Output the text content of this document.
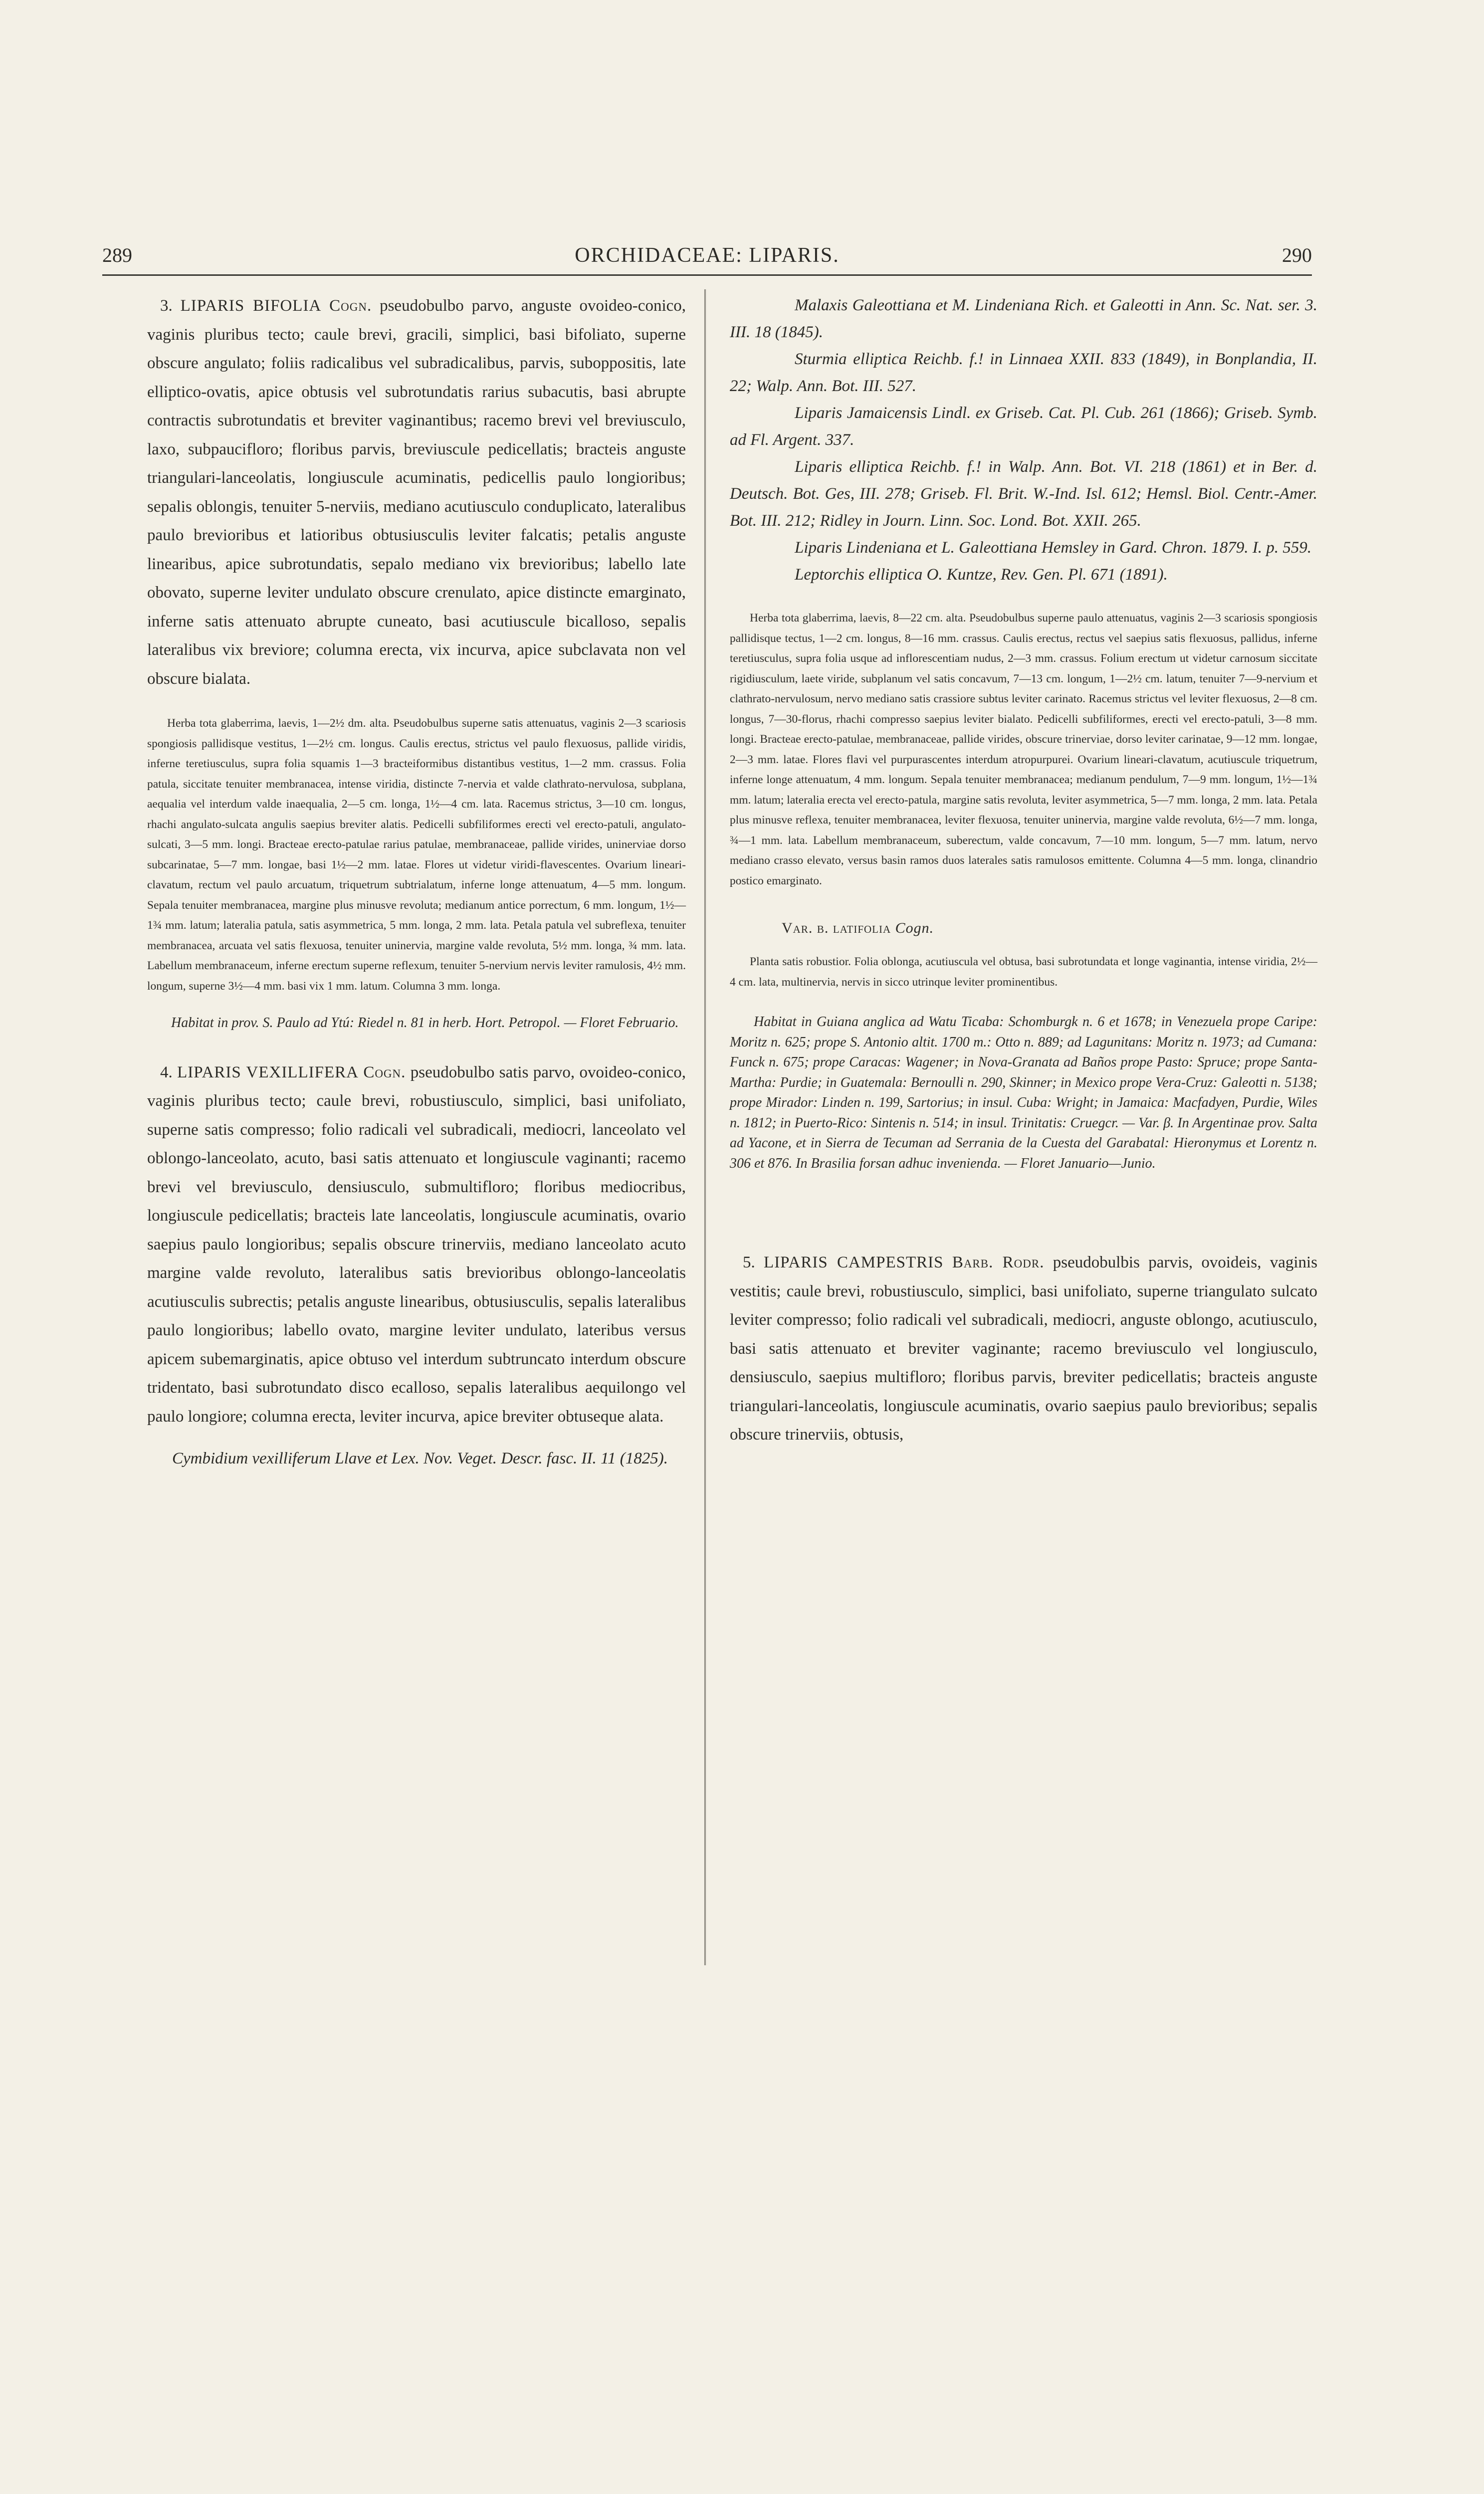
289	ORCHIDACEAE: LIPARIS.	290

3. LIPARIS BIFOLIA Cogn. pseudobulbo parvo, anguste ovoideo-conico, vaginis pluribus tecto; caule brevi, gracili, simplici, basi bifoliato, superne obscure angulato; foliis radicalibus vel subradicalibus, parvis, suboppositis, late elliptico-ovatis, apice obtusis vel subrotundatis rarius subacutis, basi abrupte contractis subrotundatis et breviter vaginantibus; racemo brevi vel breviusculo, laxo, subpaucifloro; floribus parvis, breviuscule pedicellatis; bracteis anguste triangulari-lanceolatis, longiuscule acuminatis, pedicellis paulo longioribus; sepalis oblongis, tenuiter 5-nerviis, mediano acutiusculo conduplicato, lateralibus paulo brevioribus et latioribus obtusiusculis leviter falcatis; petalis anguste linearibus, apice subrotundatis, sepalo mediano vix brevioribus; labello late obovato, superne leviter undulato obscure crenulato, apice distincte emarginato, inferne satis attenuato abrupte cuneato, basi acutiuscule bicalloso, sepalis lateralibus vix breviore; columna erecta, vix incurva, apice subclavata non vel obscure bialata.

Herba tota glaberrima, laevis, 1—2½ dm. alta. Pseudobulbus superne satis attenuatus, vaginis 2—3 scariosis spongiosis pallidisque vestitus, 1—2½ cm. longus. Caulis erectus, strictus vel paulo flexuosus, pallide viridis, inferne teretiusculus, supra folia squamis 1—3 bracteiformibus distantibus vestitus, 1—2 mm. crassus. Folia patula, siccitate tenuiter membranacea, intense viridia, distincte 7-nervia et valde clathrato-nervulosa, subplana, aequalia vel interdum valde inaequalia, 2—5 cm. longa, 1½—4 cm. lata. Racemus strictus, 3—10 cm. longus, rhachi angulato-sulcata angulis saepius breviter alatis. Pedicelli subfiliformes erecti vel erecto-patuli, angulato-sulcati, 3—5 mm. longi. Bracteae erecto-patulae rarius patulae, membranaceae, pallide virides, uninerviae dorso subcarinatae, 5—7 mm. longae, basi 1½—2 mm. latae. Flores ut videtur viridi-flavescentes. Ovarium lineari-clavatum, rectum vel paulo arcuatum, triquetrum subtrialatum, inferne longe attenuatum, 4—5 mm. longum. Sepala tenuiter membranacea, margine plus minusve revoluta; medianum antice porrectum, 6 mm. longum, 1½—1¾ mm. latum; lateralia patula, satis asymmetrica, 5 mm. longa, 2 mm. lata. Petala patula vel subreflexa, tenuiter membranacea, arcuata vel satis flexuosa, tenuiter uninervia, margine valde revoluta, 5½ mm. longa, ¾ mm. lata. Labellum membranaceum, inferne erectum superne reflexum, tenuiter 5-nervium nervis leviter ramulosis, 4½ mm. longum, superne 3½—4 mm. basi vix 1 mm. latum. Columna 3 mm. longa.

Habitat in prov. S. Paulo ad Ytú: Riedel n. 81 in herb. Hort. Petropol. — Floret Februario.

4. LIPARIS VEXILLIFERA Cogn. pseudobulbo satis parvo, ovoideo-conico, vaginis pluribus tecto; caule brevi, robustiusculo, simplici, basi unifoliato, superne satis compresso; folio radicali vel subradicali, mediocri, lanceolato vel oblongo-lanceolato, acuto, basi satis attenuato et longiuscule vaginanti; racemo brevi vel breviusculo, densiusculo, submultifloro; floribus mediocribus, longiuscule pedicellatis; bracteis late lanceolatis, longiuscule acuminatis, ovario saepius paulo longioribus; sepalis obscure trinerviis, mediano lanceolato acuto margine valde revoluto, lateralibus satis brevioribus oblongo-lanceolatis acutiusculis subrectis; petalis anguste linearibus, obtusiusculis, sepalis lateralibus paulo longioribus; labello ovato, margine leviter undulato, lateribus versus apicem subemarginatis, apice obtuso vel interdum subtruncato interdum obscure tridentato, basi subrotundato disco ecalloso, sepalis lateralibus aequilongo vel paulo longiore; columna erecta, leviter incurva, apice breviter obtuseque alata.

Cymbidium vexilliferum Llave et Lex. Nov. Veget. Descr. fasc. II. 11 (1825).

Malaxis Galeottiana et M. Lindeniana Rich. et Galeotti in Ann. Sc. Nat. ser. 3. III. 18 (1845).

Sturmia elliptica Reichb. f.! in Linnaea XXII. 833 (1849), in Bonplandia, II. 22; Walp. Ann. Bot. III. 527.

Liparis Jamaicensis Lindl. ex Griseb. Cat. Pl. Cub. 261 (1866); Griseb. Symb. ad Fl. Argent. 337.

Liparis elliptica Reichb. f.! in Walp. Ann. Bot. VI. 218 (1861) et in Ber. d. Deutsch. Bot. Ges, III. 278; Griseb. Fl. Brit. W.-Ind. Isl. 612; Hemsl. Biol. Centr.-Amer. Bot. III. 212; Ridley in Journ. Linn. Soc. Lond. Bot. XXII. 265.

Liparis Lindeniana et L. Galeottiana Hemsley in Gard. Chron. 1879. I. p. 559.

Leptorchis elliptica O. Kuntze, Rev. Gen. Pl. 671 (1891).

Herba tota glaberrima, laevis, 8—22 cm. alta. Pseudobulbus superne paulo attenuatus, vaginis 2—3 scariosis spongiosis pallidisque tectus, 1—2 cm. longus, 8—16 mm. crassus. Caulis erectus, rectus vel saepius satis flexuosus, pallidus, inferne teretiusculus, supra folia usque ad inflorescentiam nudus, 2—3 mm. crassus. Folium erectum ut videtur carnosum siccitate rigidiusculum, laete viride, subplanum vel satis concavum, 7—13 cm. longum, 1—2½ cm. latum, tenuiter 7—9-nervium et clathrato-nervulosum, nervo mediano satis crassiore subtus leviter carinato. Racemus strictus vel leviter flexuosus, 2—8 cm. longus, 7—30-florus, rhachi compresso saepius leviter bialato. Pedicelli subfiliformes, erecti vel erecto-patuli, 3—8 mm. longi. Bracteae erecto-patulae, membranaceae, pallide virides, obscure trinerviae, dorso leviter carinatae, 9—12 mm. longae, 2—3 mm. latae. Flores flavi vel purpurascentes interdum atropurpurei. Ovarium lineari-clavatum, acutiuscule triquetrum, inferne longe attenuatum, 4 mm. longum. Sepala tenuiter membranacea; medianum pendulum, 7—9 mm. longum, 1½—1¾ mm. latum; lateralia erecta vel erecto-patula, margine satis revoluta, leviter asymmetrica, 5—7 mm. longa, 2 mm. lata. Petala plus minusve reflexa, tenuiter membranacea, leviter flexuosa, tenuiter uninervia, margine valde revoluta, 6½—7 mm. longa, ¾—1 mm. lata. Labellum membranaceum, suberectum, valde concavum, 7—10 mm. longum, 5—7 mm. latum, nervo mediano crasso elevato, versus basin ramos duos laterales satis ramulosos emittente. Columna 4—5 mm. longa, clinandrio postico emarginato.

Var. β. latifolia Cogn.

Planta satis robustior. Folia oblonga, acutiuscula vel obtusa, basi subrotundata et longe vaginantia, intense viridia, 2½—4 cm. lata, multinervia, nervis in sicco utrinque leviter prominentibus.

Habitat in Guiana anglica ad Watu Ticaba: Schomburgk n. 6 et 1678; in Venezuela prope Caripe: Moritz n. 625; prope S. Antonio altit. 1700 m.: Otto n. 889; ad Lagunitans: Moritz n. 1973; ad Cumana: Funck n. 675; prope Caracas: Wagener; in Nova-Granata ad Baños prope Pasto: Spruce; prope Santa-Martha: Purdie; in Guatemala: Bernoulli n. 290, Skinner; in Mexico prope Vera-Cruz: Galeotti n. 5138; prope Mirador: Linden n. 199, Sartorius; in insul. Cuba: Wright; in Jamaica: Macfadyen, Purdie, Wiles n. 1812; in Puerto-Rico: Sintenis n. 514; in insul. Trinitatis: Cruegcr. — Var. β. In Argentinae prov. Salta ad Yacone, et in Sierra de Tecuman ad Serrania de la Cuesta del Garabatal: Hieronymus et Lorentz n. 306 et 876. In Brasilia forsan adhuc invenienda. — Floret Januario—Junio.

5. LIPARIS CAMPESTRIS Barb. Rodr. pseudobulbis parvis, ovoideis, vaginis vestitis; caule brevi, robustiusculo, simplici, basi unifoliato, superne triangulato sulcato leviter compresso; folio radicali vel subradicali, mediocri, anguste oblongo, acutiusculo, basi satis attenuato et breviter vaginante; racemo breviusculo vel longiusculo, densiusculo, saepius multifloro; floribus parvis, breviter pedicellatis; bracteis anguste triangulari-lanceolatis, longiuscule acuminatis, ovario saepius paulo brevioribus; sepalis obscure trinerviis, obtusis,
